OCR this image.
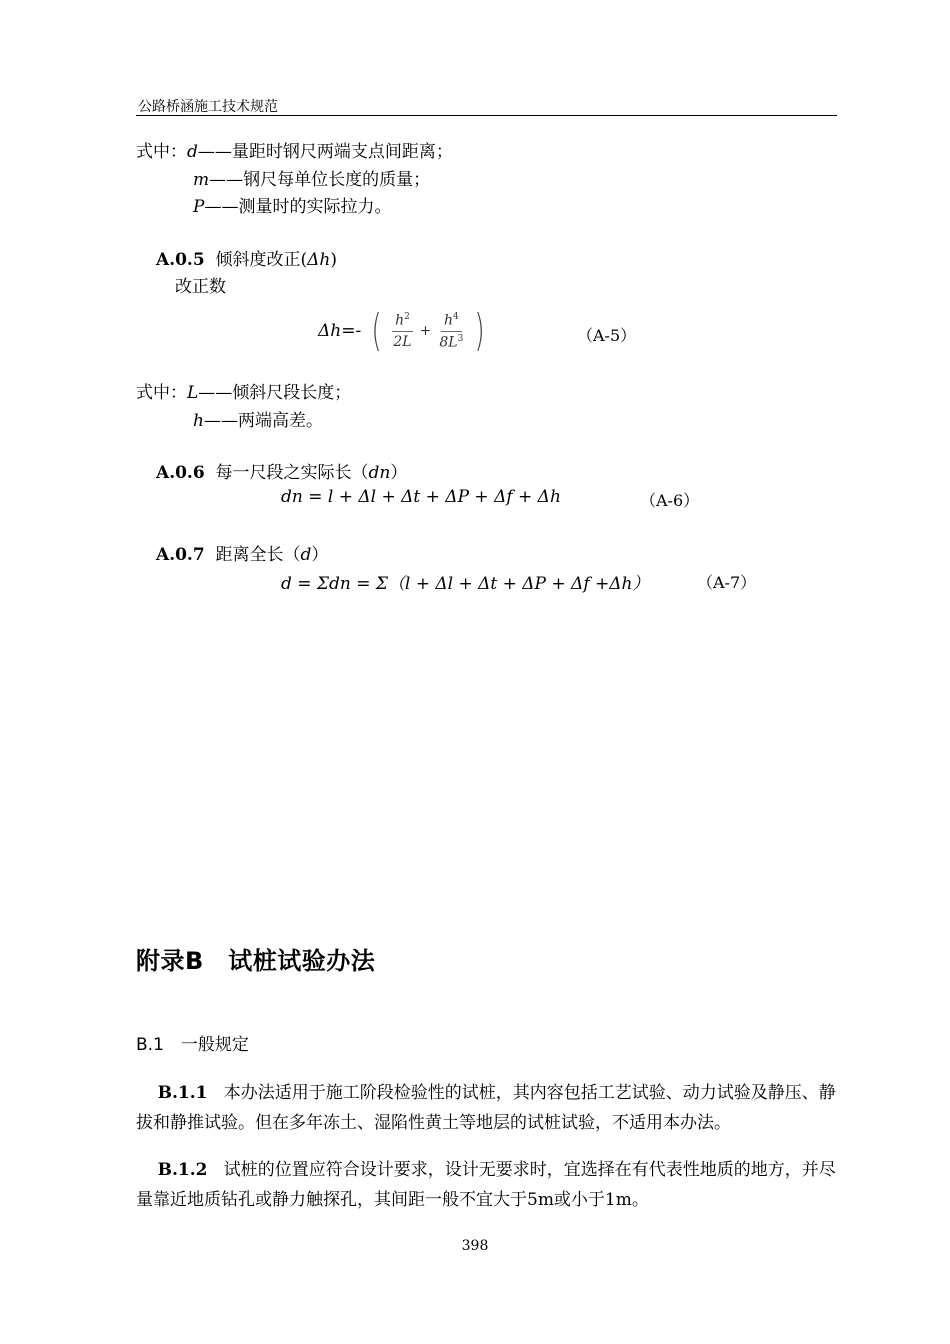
公路桥涵施工技术规范
式中：d——量距时钢尺两端支点间距离；
m——钢尺每单位长度的质量；
P——测量时的实际拉力。
A.0.5 倾斜度改正(Δh)
改正数
Δh=- ( $\frac{h^2}{2L} + \frac{h^4}{8L^3}$ )	（A-5）
式中：L——倾斜尺段长度；
h——两端高差。
A.0.6 每一尺段之实际长（dn）
dn = l + Δl + Δt + ΔP + Δf + Δh	（A-6）
A.0.7 距离全长（d）
d = Σdn = Σ（l + Δl + Δt + ΔP + Δf +Δh）	（A-7）
附录B　试桩试验办法
B.1　一般规定
B.1.1 本办法适用于施工阶段检验性的试桩，其内容包括工艺试验、动力试验及静压、静拔和静推试验。但在多年冻土、湿陷性黄土等地层的试桩试验，不适用本办法。
B.1.2 试桩的位置应符合设计要求，设计无要求时，宜选择在有代表性地质的地方，并尽量靠近地质钻孔或静力触探孔，其间距一般不宜大于5m或小于1m。
398
